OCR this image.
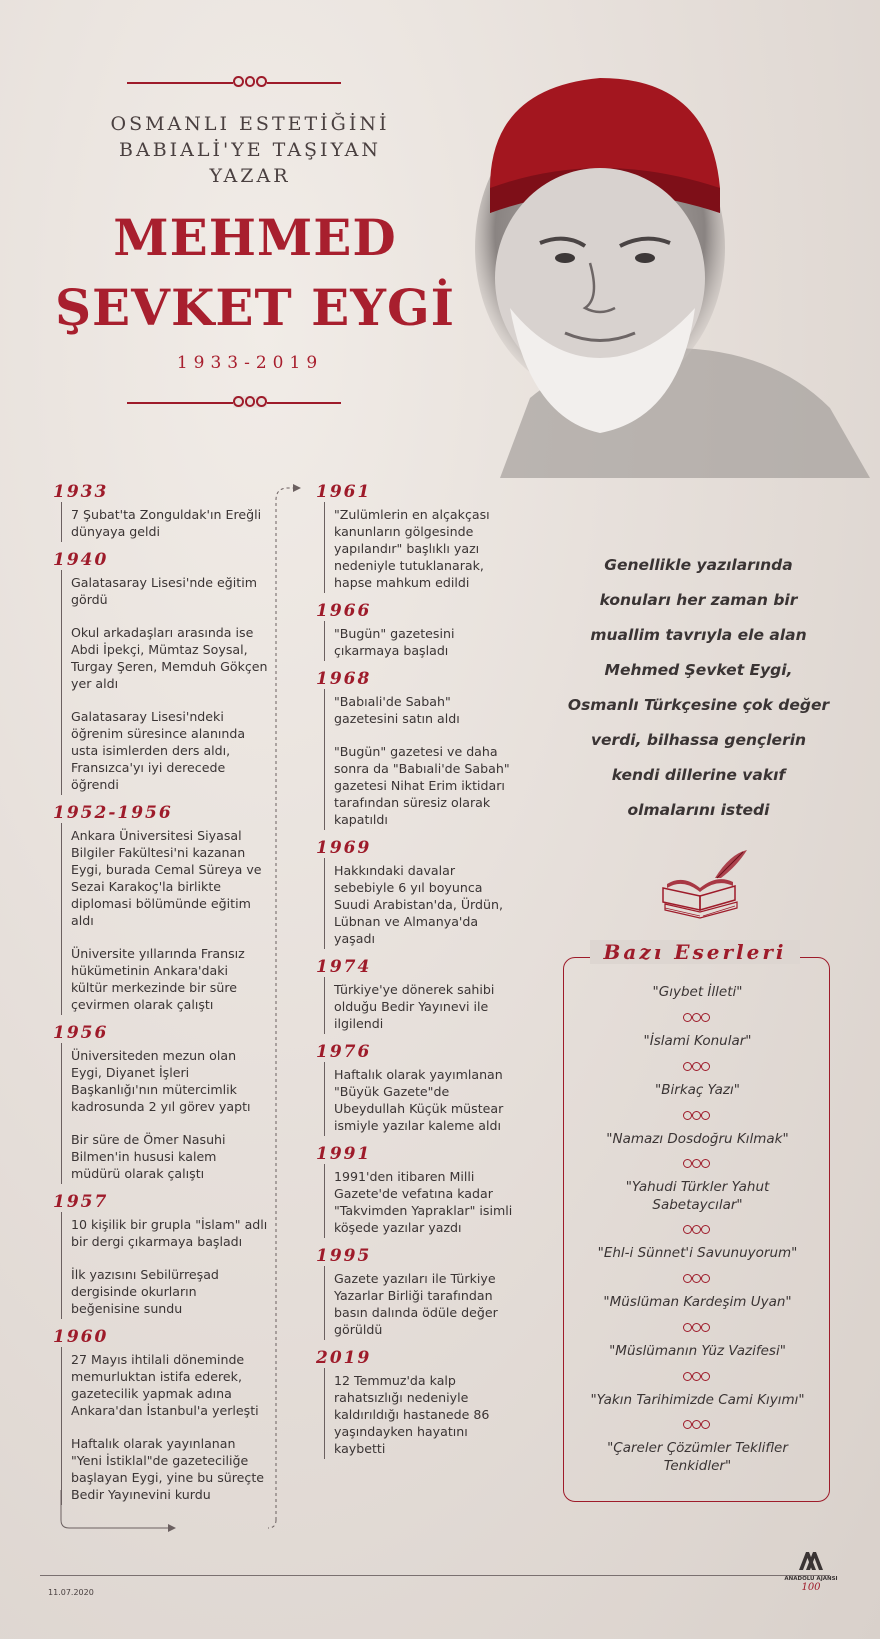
OSMANLI ESTETİĞİNİ
BABIALİ'YE TAŞIYAN
YAZAR
MEHMED
ŞEVKET EYGİ
1933-2019
1933

7 Şubat'ta Zonguldak'ın Ereğli dünyaya geldi

1940

Galatasaray Lisesi'nde eğitim gördü

Okul arkadaşları arasında ise Abdi İpekçi, Mümtaz Soysal, Turgay Şeren, Memduh Gökçen yer aldı

Galatasaray Lisesi'ndeki öğrenim süresince alanında usta isimlerden ders aldı, Fransızca'yı iyi derecede öğrendi

1952-1956

Ankara Üniversitesi Siyasal Bilgiler Fakültesi'ni kazanan Eygi, burada Cemal Süreya ve Sezai Karakoç'la birlikte diplomasi bölümünde eğitim aldı

Üniversite yıllarında Fransız hükümetinin Ankara'daki kültür merkezinde bir süre çevirmen olarak çalıştı

1956

Üniversiteden mezun olan Eygi, Diyanet İşleri Başkanlığı'nın mütercimlik kadrosunda 2 yıl görev yaptı

Bir süre de Ömer Nasuhi Bilmen'in hususi kalem müdürü olarak çalıştı

1957

10 kişilik bir grupla "İslam" adlı bir dergi çıkarmaya başladı

İlk yazısını Sebilürreşad dergisinde okurların beğenisine sundu

1960

27 Mayıs ihtilali döneminde memurluktan istifa ederek, gazetecilik yapmak adına Ankara'dan İstanbul'a yerleşti

Haftalık olarak yayınlanan "Yeni İstiklal"de gazeteciliğe başlayan Eygi, yine bu süreçte Bedir Yayınevini kurdu

1961

"Zulümlerin en alçakçası kanunların gölgesinde yapılandır" başlıklı yazı nedeniyle tutuklanarak, hapse mahkum edildi

1966

"Bugün" gazetesini çıkarmaya başladı

1968

"Babıali'de Sabah" gazetesini satın aldı

"Bugün" gazetesi ve daha sonra da "Babıali'de Sabah" gazetesi Nihat Erim iktidarı tarafından süresiz olarak kapatıldı

1969

Hakkındaki davalar sebebiyle 6 yıl boyunca Suudi Arabistan'da, Ürdün, Lübnan ve Almanya'da yaşadı

1974

Türkiye'ye dönerek sahibi olduğu Bedir Yayınevi ile ilgilendi

1976

Haftalık olarak yayımlanan "Büyük Gazete"de Ubeydullah Küçük müstear ismiyle yazılar kaleme aldı

1991

1991'den itibaren Milli Gazete'de vefatına kadar "Takvimden Yapraklar" isimli köşede yazılar yazdı

1995

Gazete yazıları ile Türkiye Yazarlar Birliği tarafından basın dalında ödüle değer görüldü

2019

12 Temmuz'da kalp rahatsızlığı nedeniyle kaldırıldığı hastanede 86 yaşındayken hayatını kaybetti

Genellikle yazılarında
konuları her zaman bir
muallim tavrıyla ele alan
Mehmed Şevket Eygi,
Osmanlı Türkçesine çok değer
verdi, bilhassa gençlerin
kendi dillerine vakıf
olmalarını istedi
Bazı Eserleri
"Gıybet İlleti"
"İslami Konular"
"Birkaç Yazı"
"Namazı Dosdoğru Kılmak"
"Yahudi Türkler Yahut Sabetaycılar"
"Ehl-i Sünnet'i Savunuyorum"
"Müslüman Kardeşim Uyan"
"Müslümanın Yüz Vazifesi"
"Yakın Tarihimizde Cami Kıyımı"
"Çareler Çözümler Teklifler Tenkidler"
11.07.2020
ANADOLU AJANSI
100
